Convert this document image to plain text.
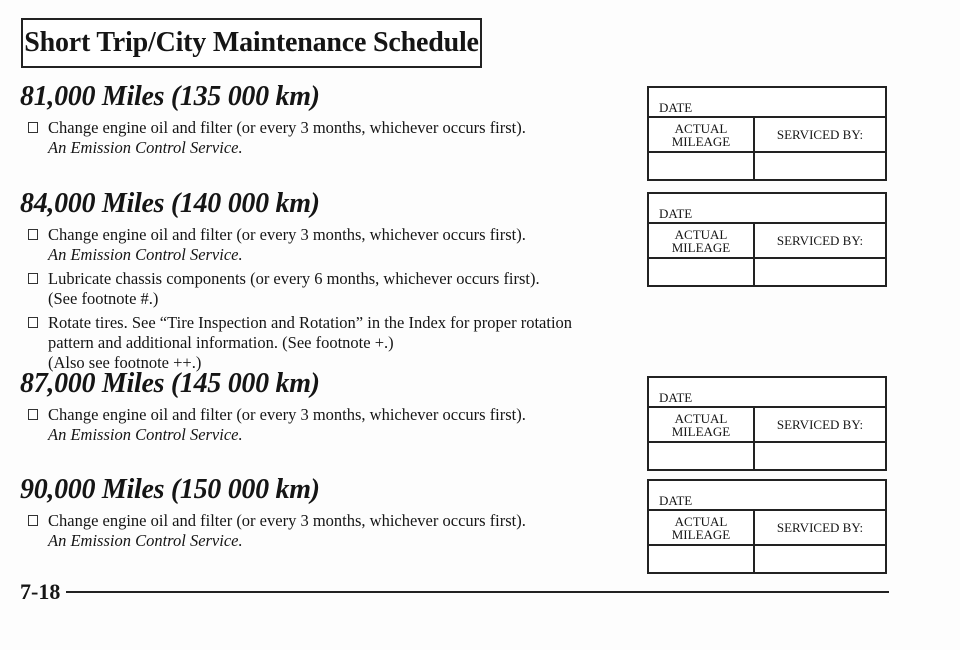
Short Trip/City Maintenance Schedule
81,000 Miles (135 000 km)
Change engine oil and filter (or every 3 months, whichever occurs first).
An Emission Control Service.
84,000 Miles (140 000 km)
Change engine oil and filter (or every 3 months, whichever occurs first).
An Emission Control Service.
Lubricate chassis components (or every 6 months, whichever occurs first).
(See footnote #.)
Rotate tires. See “Tire Inspection and Rotation” in the Index for proper rotation pattern and additional information. (See footnote +.)
(Also see footnote ++.)
87,000 Miles (145 000 km)
Change engine oil and filter (or every 3 months, whichever occurs first).
An Emission Control Service.
90,000 Miles (150 000 km)
Change engine oil and filter (or every 3 months, whichever occurs first).
An Emission Control Service.
DATE
ACTUAL
MILEAGE	SERVICED BY:
DATE
ACTUAL
MILEAGE	SERVICED BY:
DATE
ACTUAL
MILEAGE	SERVICED BY:
DATE
ACTUAL
MILEAGE	SERVICED BY:
7-18
